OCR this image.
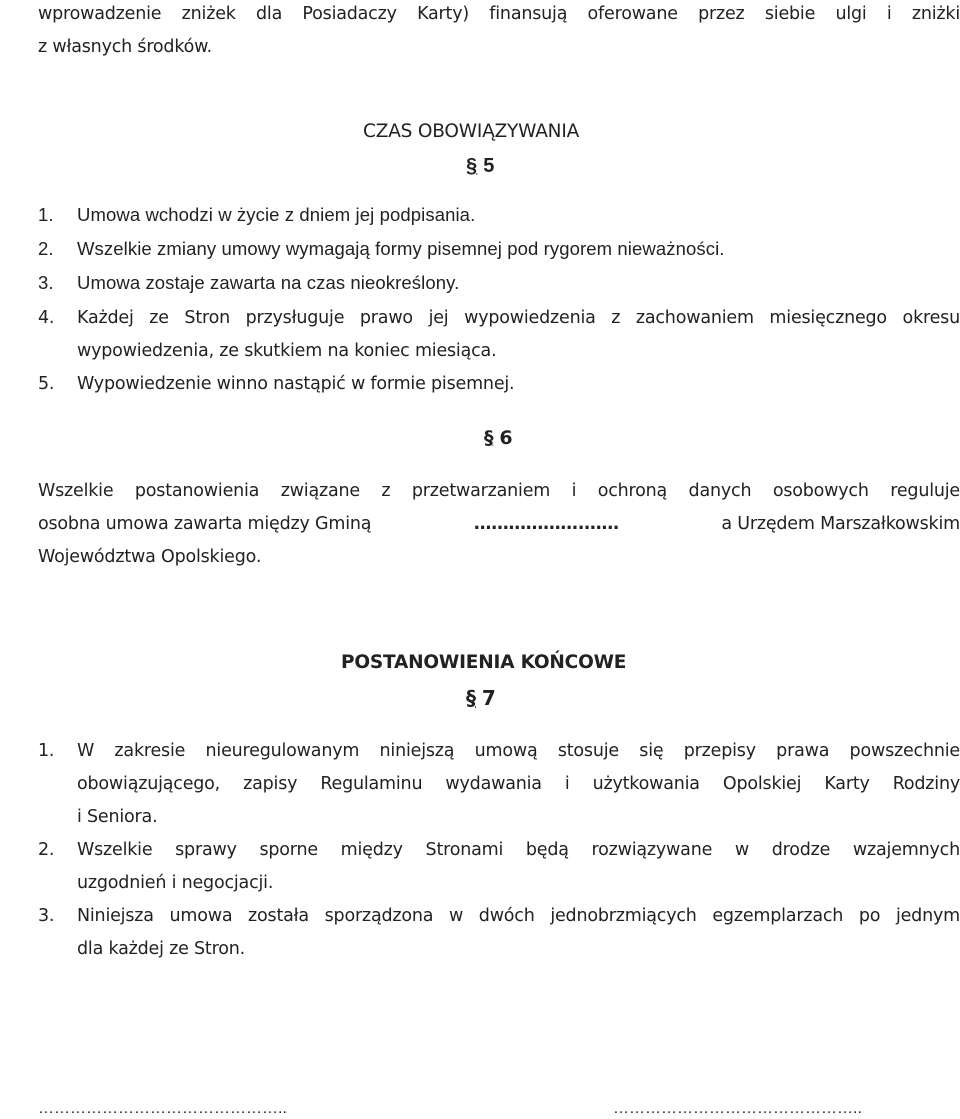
wprowadzenie zniżek dla Posiadaczy Karty) finansują oferowane przez siebie ulgi i zniżki
z własnych środków.
CZAS OBOWIĄZYWANIA
§ 5
1. Umowa wchodzi w życie z dniem jej podpisania.
2. Wszelkie zmiany umowy wymagają formy pisemnej pod rygorem nieważności.
3. Umowa zostaje zawarta na czas nieokreślony.
4. Każdej ze Stron przysługuje prawo jej wypowiedzenia z zachowaniem miesięcznego okresu
wypowiedzenia, ze skutkiem na koniec miesiąca.
5. Wypowiedzenie winno nastąpić w formie pisemnej.
§ 6
Wszelkie postanowienia związane z przetwarzaniem i ochroną danych osobowych reguluje
osobna umowa zawarta między Gminą	……………….……	a Urzędem Marszałkowskim
Województwa Opolskiego.
POSTANOWIENIA KOŃCOWE
§ 7
1. W zakresie nieuregulowanym niniejszą umową stosuje się przepisy prawa powszechnie
obowiązującego, zapisy Regulaminu wydawania i użytkowania Opolskiej Karty Rodziny
i Seniora.
2. Wszelkie sprawy sporne między Stronami będą rozwiązywane w drodze wzajemnych
uzgodnień i negocjacji.
3. Niniejsza umowa została sporządzona w dwóch jednobrzmiących egzemplarzach po jednym
dla każdej ze Stron.
………………………………………..	………………………………………..
